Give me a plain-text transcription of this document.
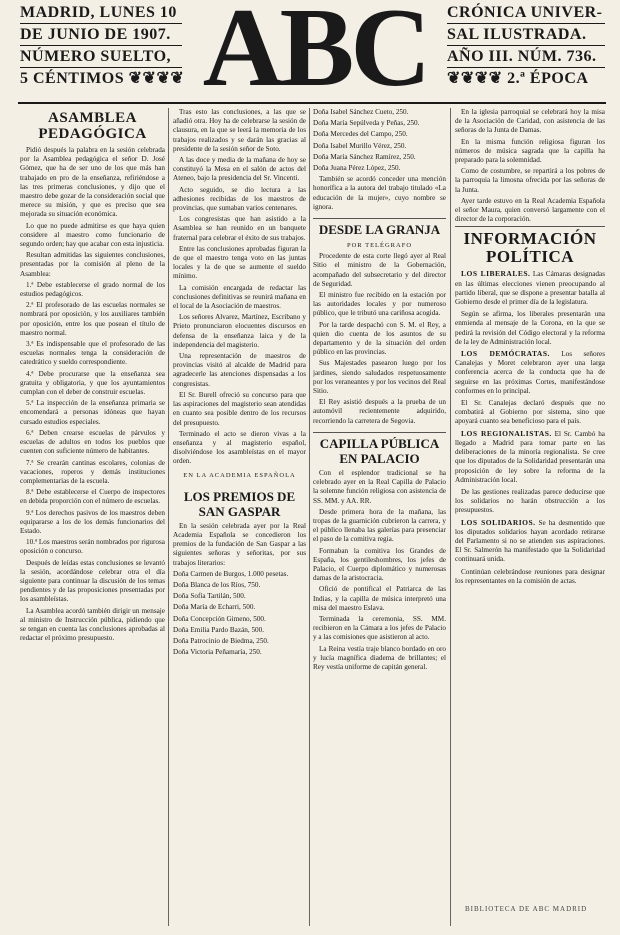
MADRID, LUNES 10
DE JUNIO DE 1907.
NÚMERO SUELTO,
5 CÉNTIMOS ❦❦❦❦ ABC	CRÓNICA UNIVER-
SAL ILUSTRADA.
AÑO III. NÚM. 736.
❦❦❦❦ 2.ª ÉPOCA
ASAMBLEA PEDAGÓGICA

Pidió después la palabra en la sesión celebrada por la Asamblea pedagógica el señor D. José Gómez, que ha de ser uno de los que más han trabajado en pro de la enseñanza, refiriéndose a las tres primeras conclusiones, y dijo que el maestro debe gozar de la consideración social que merece su misión, y que es preciso que sea mejorada su situación económica.

Lo que no puede admitirse es que haya quien considere al maestro como funcionario de segundo orden; hay que acabar con esta injusticia.

Resultan admitidas las siguientes conclusiones, presentadas por la comisión al pleno de la Asamblea:

1.ª Debe establecerse el grado normal de los estudios pedagógicos.

2.ª El profesorado de las escuelas normales se nombrará por oposición, y los auxiliares también por oposición, entre los que posean el título de maestro normal.

3.ª Es indispensable que el profesorado de las escuelas normales tenga la consideración de catedrático y sueldo correspondiente.

4.ª Debe procurarse que la enseñanza sea gratuita y obligatoria, y que los ayuntamientos cumplan con el deber de construir escuelas.

5.ª La inspección de la enseñanza primaria se encomendará a personas idóneas que hayan cursado estudios especiales.

6.ª Deben crearse escuelas de párvulos y escuelas de adultos en todos los pueblos que cuenten con suficiente número de habitantes.

7.ª Se crearán cantinas escolares, colonias de vacaciones, roperos y demás instituciones complementarias de la escuela.

8.ª Debe establecerse el Cuerpo de inspectores en debida proporción con el número de escuelas.

9.ª Los derechos pasivos de los maestros deben equipararse a los de los demás funcionarios del Estado.

10.ª Los maestros serán nombrados por rigurosa oposición o concurso.

Después de leídas estas conclusiones se levantó la sesión, acordándose celebrar otra el día siguiente para continuar la discusión de los temas pendientes y de las proposiciones presentadas por los asambleístas.

La Asamblea acordó también dirigir un mensaje al ministro de Instrucción pública, pidiendo que se tengan en cuenta las conclusiones aprobadas al redactar el próximo presupuesto.

Tras esto las conclusiones, a las que se añadió otra. Hoy ha de celebrarse la sesión de clausura, en la que se leerá la memoria de los trabajos realizados y se darán las gracias al presidente de la sesión señor de Soto.

A las doce y media de la mañana de hoy se constituyó la Mesa en el salón de actos del Ateneo, bajo la presidencia del Sr. Vincenti.

Acto seguido, se dio lectura a las adhesiones recibidas de los maestros de provincias, que sumaban varios centenares.

Los congresistas que han asistido a la Asamblea se han reunido en un banquete fraternal para celebrar el éxito de sus trabajos.

Entre las conclusiones aprobadas figuran la de que el maestro tenga voto en las juntas locales y la de que se aumente el sueldo mínimo.

La comisión encargada de redactar las conclusiones definitivas se reunirá mañana en el local de la Asociación de maestros.

Los señores Alvarez, Martínez, Escribano y Prieto pronunciaron elocuentes discursos en defensa de la enseñanza laica y de la independencia del magisterio.

Una representación de maestros de provincias visitó al alcalde de Madrid para agradecerle las atenciones dispensadas a los congresistas.

El Sr. Burell ofreció su concurso para que las aspiraciones del magisterio sean atendidas en cuanto sea posible dentro de los recursos del presupuesto.

Terminado el acto se dieron vivas a la enseñanza y al magisterio español, disolviéndose los asambleístas en el mayor orden.

EN LA ACADEMIA ESPAÑOLA
LOS PREMIOS DE SAN GASPAR

En la sesión celebrada ayer por la Real Academia Española se concedieron los premios de la fundación de San Gaspar a las siguientes señoras y señoritas, por sus trabajos literarios:

Doña Carmen de Burgos, 1.000 pesetas.

Doña Blanca de los Ríos, 750.

Doña Sofía Tartilán, 500.

Doña María de Echarri, 500.

Doña Concepción Gimeno, 500.

Doña Emilia Pardo Bazán, 500.

Doña Patrocinio de Biedma, 250.

Doña Victoria Peñamaría, 250.

Doña Isabel Sánchez Cueto, 250.

Doña María Sepúlveda y Peñas, 250.

Doña Mercedes del Campo, 250.

Doña Isabel Murillo Vérez, 250.

Doña María Sánchez Ramírez, 250.

Doña Juana Pérez López, 250.

También se acordó conceder una mención honorífica a la autora del trabajo titulado «La educación de la mujer», cuyo nombre se ignora.

DESDE LA GRANJA
POR TELÉGRAFO

Procedente de esta corte llegó ayer al Real Sitio el ministro de la Gobernación, acompañado del subsecretario y del director de Seguridad.

El ministro fue recibido en la estación por las autoridades locales y por numeroso público, que le tributó una cariñosa acogida.

Por la tarde despachó con S. M. el Rey, a quien dio cuenta de los asuntos de su departamento y de la situación del orden público en las provincias.

Sus Majestades pasearon luego por los jardines, siendo saludados respetuosamente por los veraneantes y por los vecinos del Real Sitio.

El Rey asistió después a la prueba de un automóvil recientemente adquirido, recorriendo la carretera de Segovia.

CAPILLA PÚBLICA EN PALACIO

Con el esplendor tradicional se ha celebrado ayer en la Real Capilla de Palacio la solemne función religiosa con asistencia de SS. MM. y AA. RR.

Desde primera hora de la mañana, las tropas de la guarnición cubrieron la carrera, y el público llenaba las galerías para presenciar el paso de la comitiva regia.

Formaban la comitiva los Grandes de España, los gentileshombres, los jefes de Palacio, el Cuerpo diplomático y numerosas damas de la aristocracia.

Ofició de pontifical el Patriarca de las Indias, y la capilla de música interpretó una misa del maestro Eslava.

Terminada la ceremonia, SS. MM. recibieron en la Cámara a los jefes de Palacio y a las comisiones que asistieron al acto.

La Reina vestía traje blanco bordado en oro y lucía magnífica diadema de brillantes; el Rey vestía uniforme de capitán general.

En la iglesia parroquial se celebrará hoy la misa de la Asociación de Caridad, con asistencia de las señoras de la Junta de Damas.

En la misma función religiosa figuran los números de música sagrada que la capilla ha preparado para la solemnidad.

Como de costumbre, se repartirá a los pobres de la parroquia la limosna ofrecida por las señoras de la Junta.

Ayer tarde estuvo en la Real Academia Española el señor Maura, quien conversó largamente con el director de la corporación.

INFORMACIÓN POLÍTICA

LOS LIBERALES. Las Cámaras designadas en las últimas elecciones vienen preocupando al partido liberal, que se dispone a presentar batalla al Gobierno desde el primer día de la legislatura.

Según se afirma, los liberales presentarán una enmienda al mensaje de la Corona, en la que se pedirá la revisión del Código electoral y la reforma de la ley de Administración local.

LOS DEMÓCRATAS. Los señores Canalejas y Moret celebraron ayer una larga conferencia acerca de la conducta que ha de seguirse en las próximas Cortes, manifestándose conformes en lo principal.

El Sr. Canalejas declaró después que no combatirá al Gobierno por sistema, sino que apoyará cuanto sea beneficioso para el país.

LOS REGIONALISTAS. El Sr. Cambó ha llegado a Madrid para tomar parte en las deliberaciones de la minoría regionalista. Se cree que los diputados de la Solidaridad presentarán una proposición de ley sobre la reforma de la Administración local.

De las gestiones realizadas parece deducirse que los solidarios no harán obstrucción a los presupuestos.

LOS SOLIDARIOS. Se ha desmentido que los diputados solidarios hayan acordado retirarse del Parlamento si no se atienden sus aspiraciones. El Sr. Salmerón ha manifestado que la Solidaridad continuará unida.

Continúan celebrándose reuniones para designar los representantes en la comisión de actas.

BIBLIOTECA DE ABC MADRID
